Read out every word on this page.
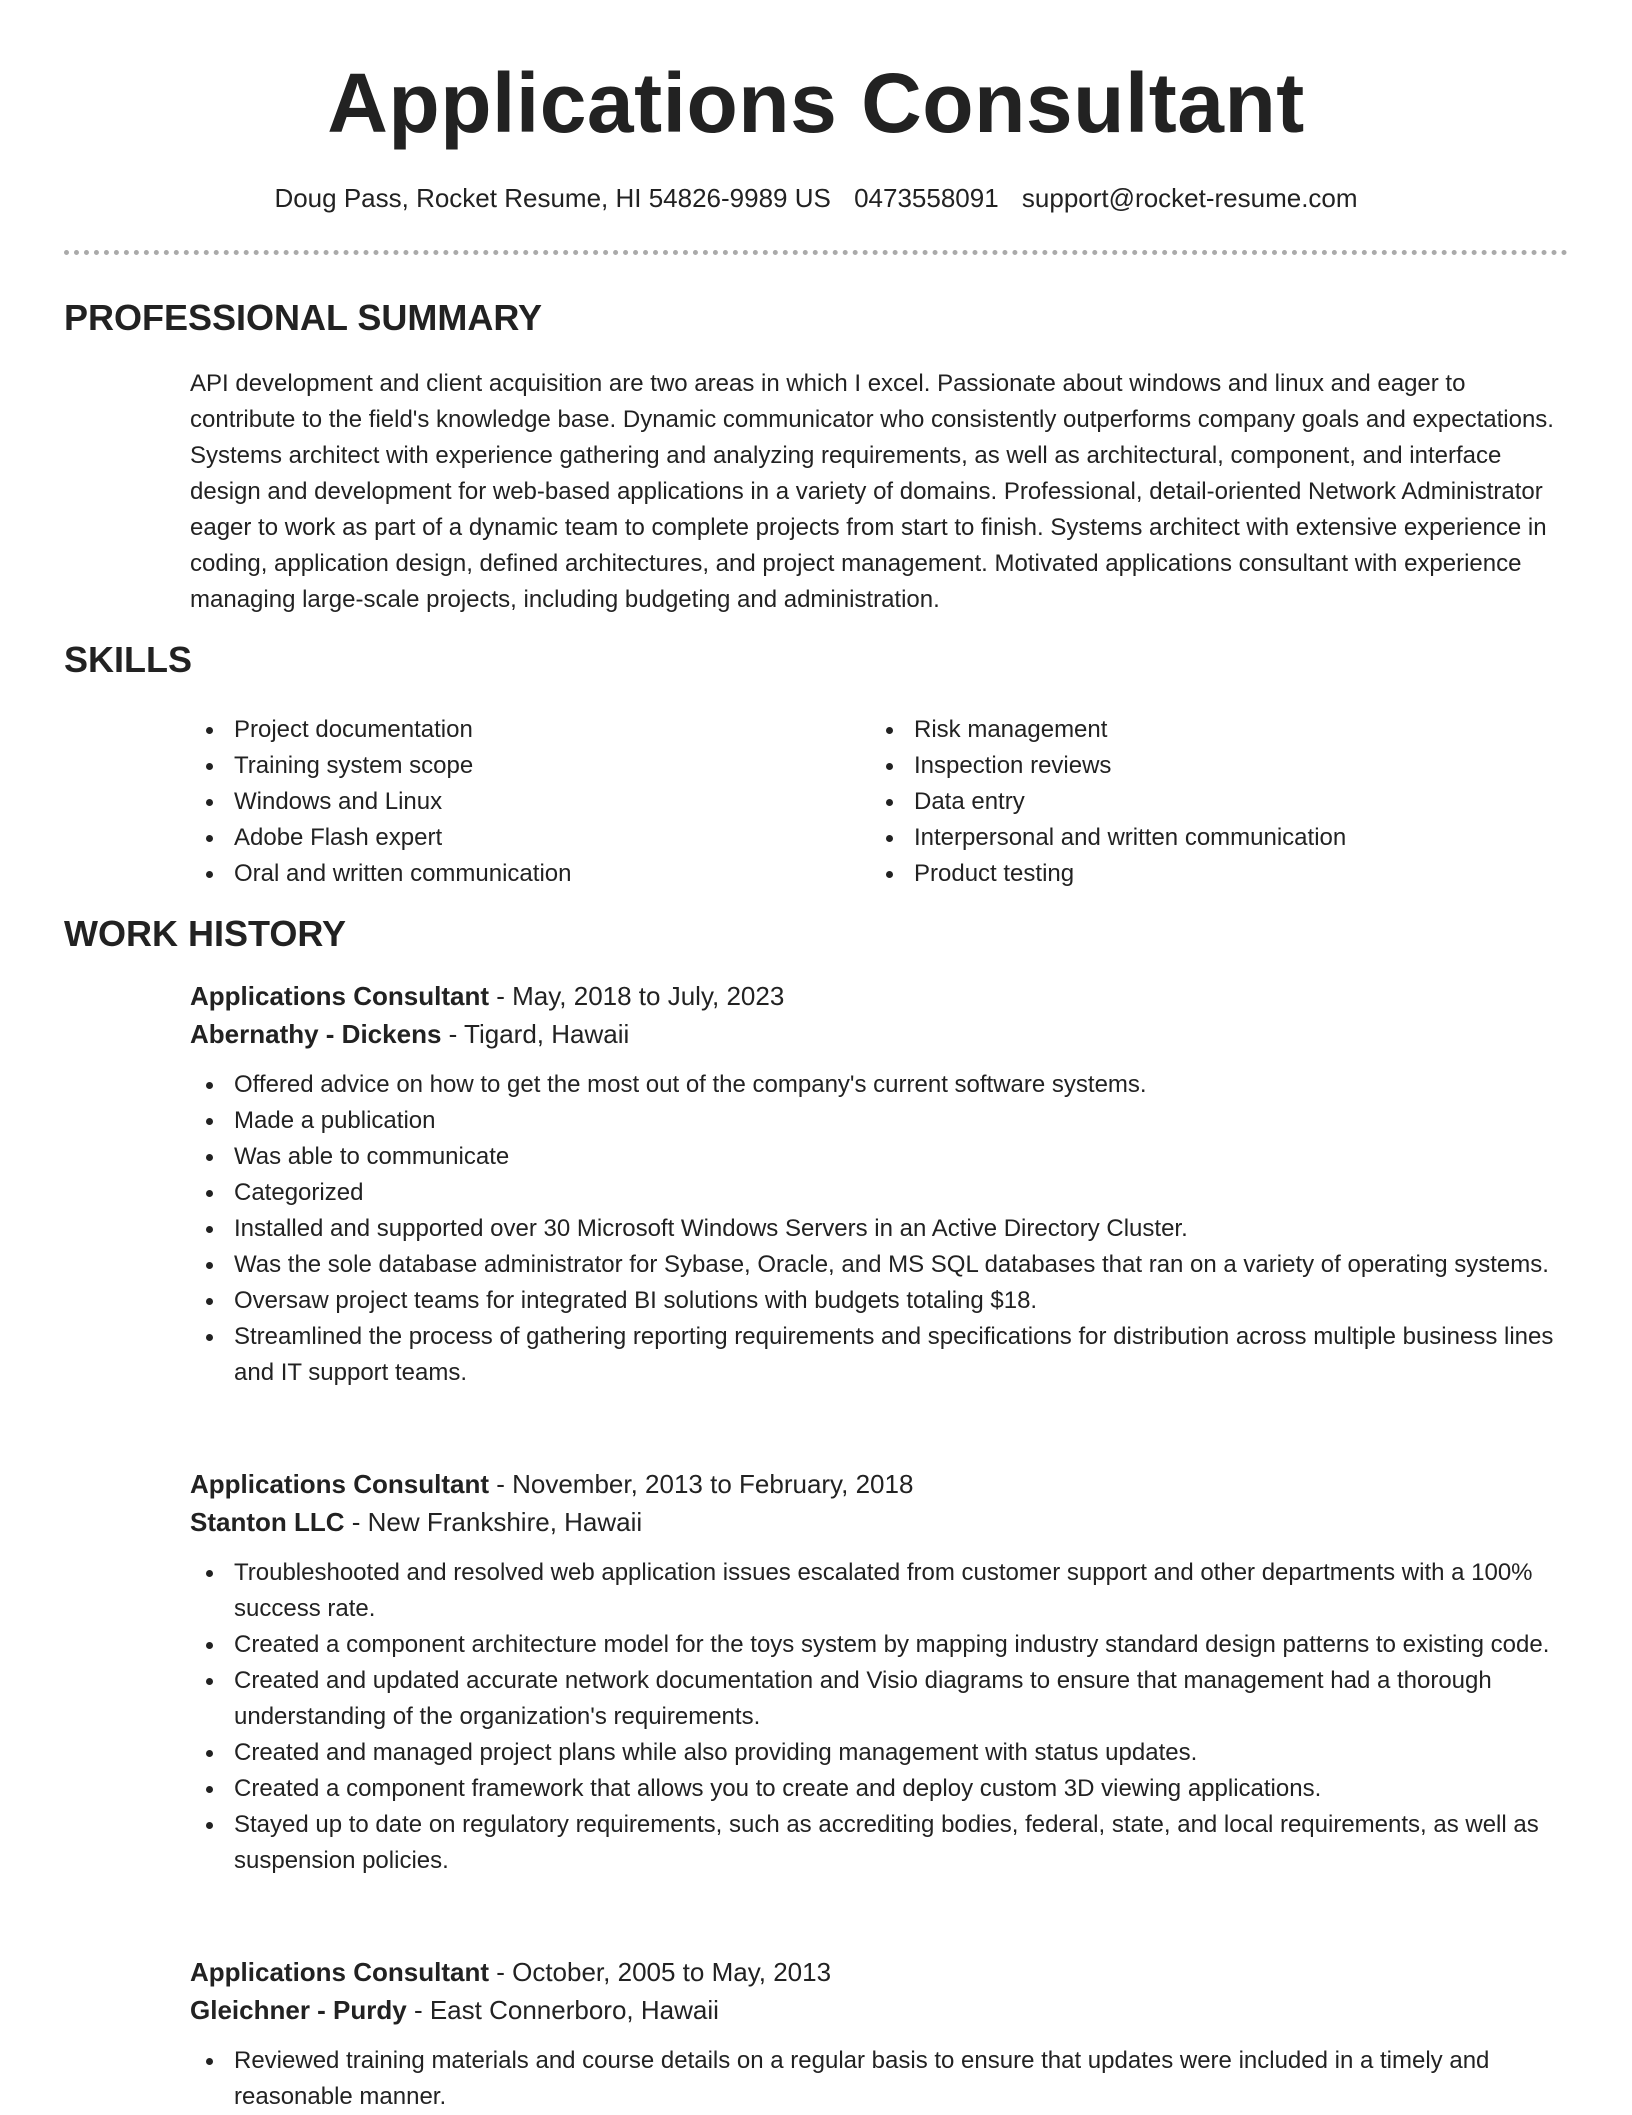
Applications Consultant
Doug Pass, Rocket Resume, HI 54826-9989 US 0473558091 support@rocket-resume.com
PROFESSIONAL SUMMARY

API development and client acquisition are two areas in which I excel. Passionate about windows and linux and eager to contribute to the field's knowledge base. Dynamic communicator who consistently outperforms company goals and expectations. Systems architect with experience gathering and analyzing requirements, as well as architectural, component, and interface design and development for web-based applications in a variety of domains. Professional, detail-oriented Network Administrator eager to work as part of a dynamic team to complete projects from start to finish. Systems architect with extensive experience in coding, application design, defined architectures, and project management. Motivated applications consultant with experience managing large-scale projects, including budgeting and administration.

SKILLS
Project documentation
Training system scope
Windows and Linux
Adobe Flash expert
Oral and written communication
Risk management
Inspection reviews
Data entry
Interpersonal and written communication
Product testing
WORK HISTORY
Applications Consultant - May, 2018 to July, 2023
Abernathy - Dickens - Tigard, Hawaii
Offered advice on how to get the most out of the company's current software systems.
Made a publication
Was able to communicate
Categorized
Installed and supported over 30 Microsoft Windows Servers in an Active Directory Cluster.
Was the sole database administrator for Sybase, Oracle, and MS SQL databases that ran on a variety of operating systems.
Oversaw project teams for integrated BI solutions with budgets totaling $18.
Streamlined the process of gathering reporting requirements and specifications for distribution across multiple business lines and IT support teams.
Applications Consultant - November, 2013 to February, 2018
Stanton LLC - New Frankshire, Hawaii
Troubleshooted and resolved web application issues escalated from customer support and other departments with a 100% success rate.
Created a component architecture model for the toys system by mapping industry standard design patterns to existing code.
Created and updated accurate network documentation and Visio diagrams to ensure that management had a thorough understanding of the organization's requirements.
Created and managed project plans while also providing management with status updates.
Created a component framework that allows you to create and deploy custom 3D viewing applications.
Stayed up to date on regulatory requirements, such as accrediting bodies, federal, state, and local requirements, as well as suspension policies.
Applications Consultant - October, 2005 to May, 2013
Gleichner - Purdy - East Connerboro, Hawaii
Reviewed training materials and course details on a regular basis to ensure that updates were included in a timely and reasonable manner.
